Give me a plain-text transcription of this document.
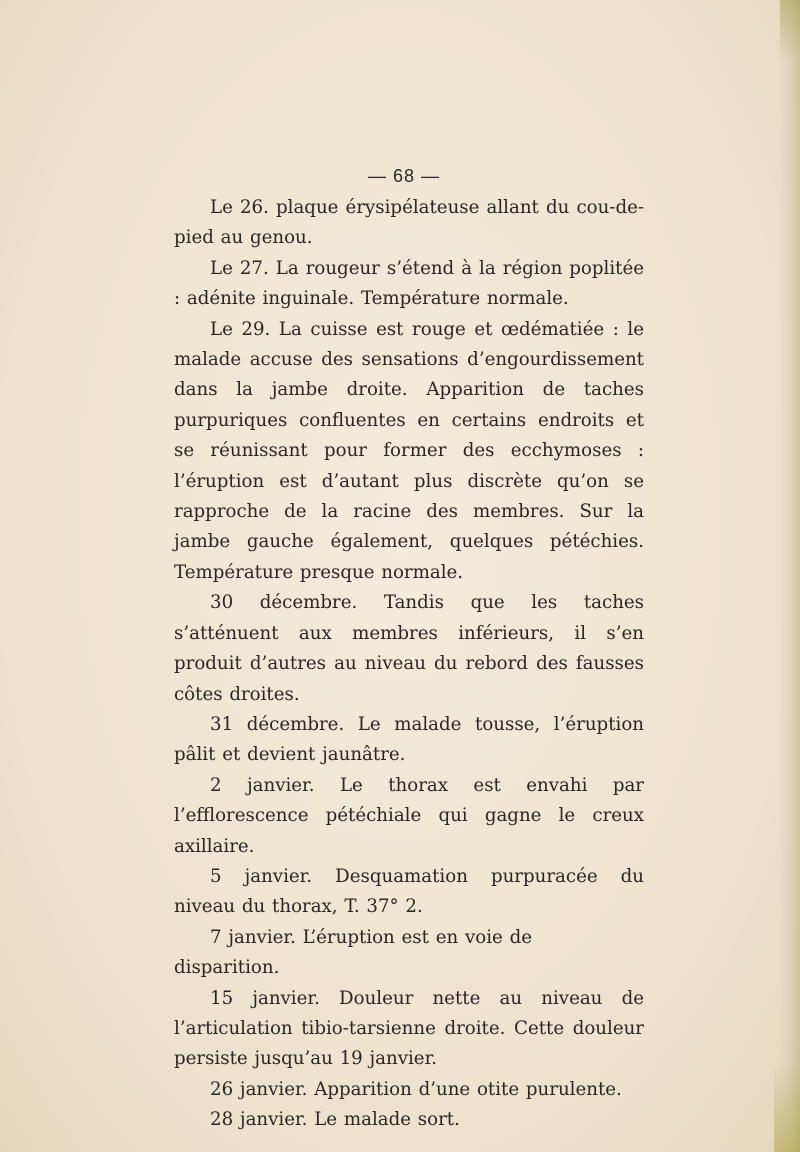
— 68 —

Le 26. plaque érysipélateuse allant du cou-de-pied au genou.

Le 27. La rougeur s’étend à la région poplitée : adénite inguinale. Température normale.

Le 29. La cuisse est rouge et œdématiée : le malade accuse des sensations d’engourdissement dans la jambe droite. Apparition de taches purpuriques confluentes en certains endroits et se réunissant pour former des ecchymoses : l’éruption est d’autant plus discrète qu’on se rapproche de la racine des membres. Sur la jambe gauche également, quelques pétéchies. Température presque normale.

30 décembre. Tandis que les taches s’atténuent aux membres inférieurs, il s’en produit d’autres au niveau du rebord des fausses côtes droites.

31 décembre. Le malade tousse, l’éruption pâlit et devient jaunâtre.

2 janvier. Le thorax est envahi par l’efflorescence pétéchiale qui gagne le creux axillaire.

5 janvier. Desquamation purpuracée du niveau du thorax, T. 37° 2.

7 janvier. L’éruption est en voie de disparition.

15 janvier. Douleur nette au niveau de l’articulation tibio-tarsienne droite. Cette douleur persiste jusqu’au 19 janvier.

26 janvier. Apparition d’une otite purulente.

28 janvier. Le malade sort.
